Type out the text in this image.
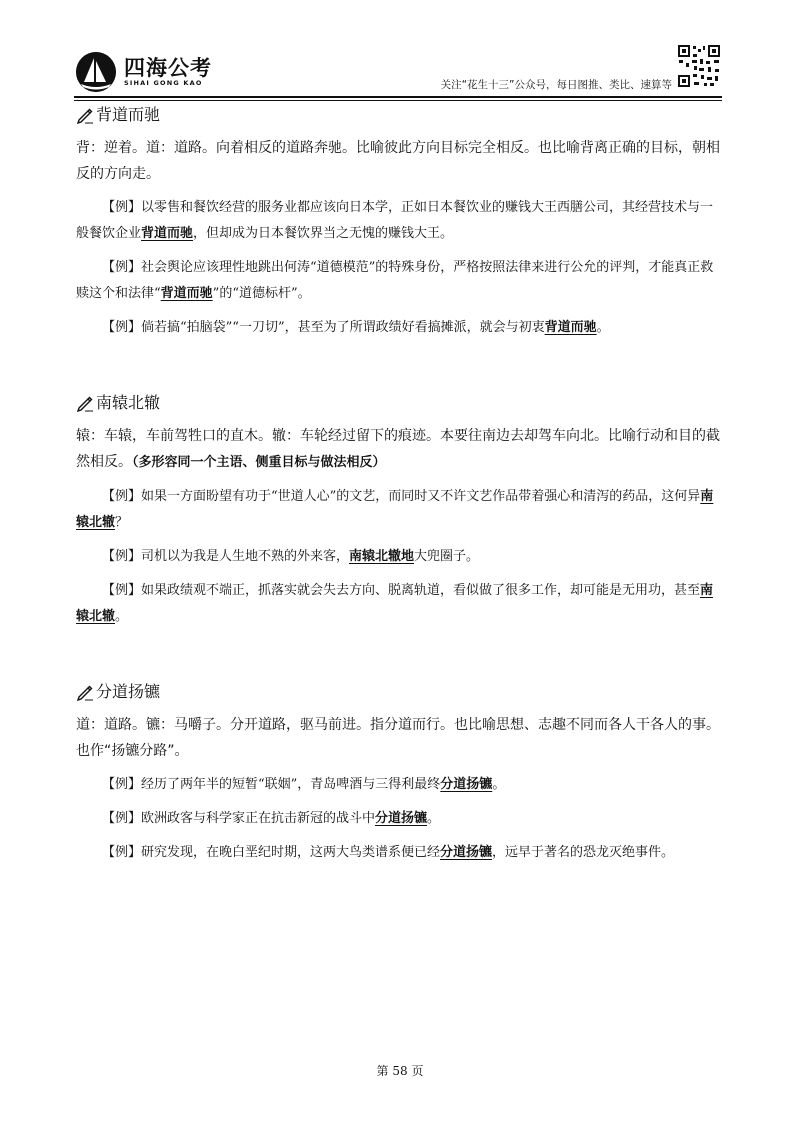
四海公考
SIHAI GONG KAO	关注“花生十三”公众号，每日图推、类比、速算等
背道而驰

背：逆着。道：道路。向着相反的道路奔驰。比喻彼此方向目标完全相反。也比喻背离正确的目标，朝相反的方向走。

【例】以零售和餐饮经营的服务业都应该向日本学，正如日本餐饮业的赚钱大王西膳公司，其经营技术与一般餐饮企业背道而驰，但却成为日本餐饮界当之无愧的赚钱大王。

【例】社会舆论应该理性地跳出何涛“道德模范”的特殊身份，严格按照法律来进行公允的评判，才能真正救赎这个和法律“背道而驰”的“道德标杆”。

【例】倘若搞“拍脑袋”“一刀切”，甚至为了所谓政绩好看搞摊派，就会与初衷背道而驰。

南辕北辙

辕：车辕，车前驾牲口的直木。辙：车轮经过留下的痕迹。本要往南边去却驾车向北。比喻行动和目的截然相反。（多形容同一个主语、侧重目标与做法相反）

【例】如果一方面盼望有功于“世道人心”的文艺，而同时又不许文艺作品带着强心和清泻的药品，这何异南辕北辙？

【例】司机以为我是人生地不熟的外来客，南辕北辙地大兜圈子。

【例】如果政绩观不端正，抓落实就会失去方向、脱离轨道，看似做了很多工作，却可能是无用功，甚至南辕北辙。

分道扬镳

道：道路。镳：马嚼子。分开道路，驱马前进。指分道而行。也比喻思想、志趣不同而各人干各人的事。也作“扬镳分路”。

【例】经历了两年半的短暂“联姻”，青岛啤酒与三得利最终分道扬镳。

【例】欧洲政客与科学家正在抗击新冠的战斗中分道扬镳。

【例】研究发现，在晚白垩纪时期，这两大鸟类谱系便已经分道扬镳，远早于著名的恐龙灭绝事件。

第 58 页
